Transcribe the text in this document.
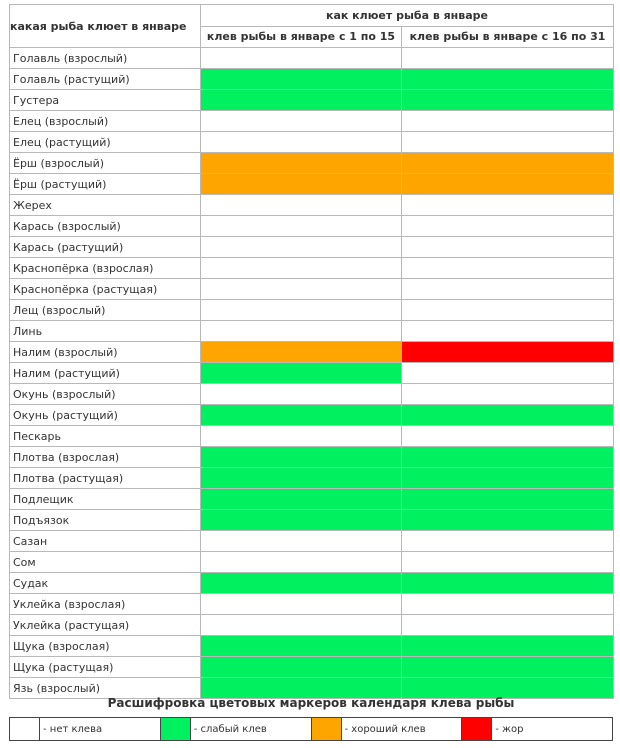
какая рыба клюет в январе	как клюет рыба в январе	
	клев рыбы в январе с 1 по 15	клев рыбы в январе с 16 по 31
Голавль (взрослый)		
Голавль (растущий)		
Густера		
Елец (взрослый)		
Елец (растущий)		
Ёрш (взрослый)		
Ёрш (растущий)		
Жерех		
Карась (взрослый)		
Карась (растущий)		
Краснопёрка (взрослая)		
Краснопёрка (растущая)		
Лещ (взрослый)		
Линь		
Налим (взрослый)		
Налим (растущий)		
Окунь (взрослый)		
Окунь (растущий)		
Пескарь		
Плотва (взрослая)		
Плотва (растущая)		
Подлещик		
Подъязок		
Сазан		
Сом		
Судак		
Уклейка (взрослая)		
Уклейка (растущая)		
Щука (взрослая)		
Щука (растущая)		
Язь (взрослый)		
Расшифровка цветовых маркеров календаря клева рыбы
	- нет клева		- слабый клев		- хороший клев		- жор
